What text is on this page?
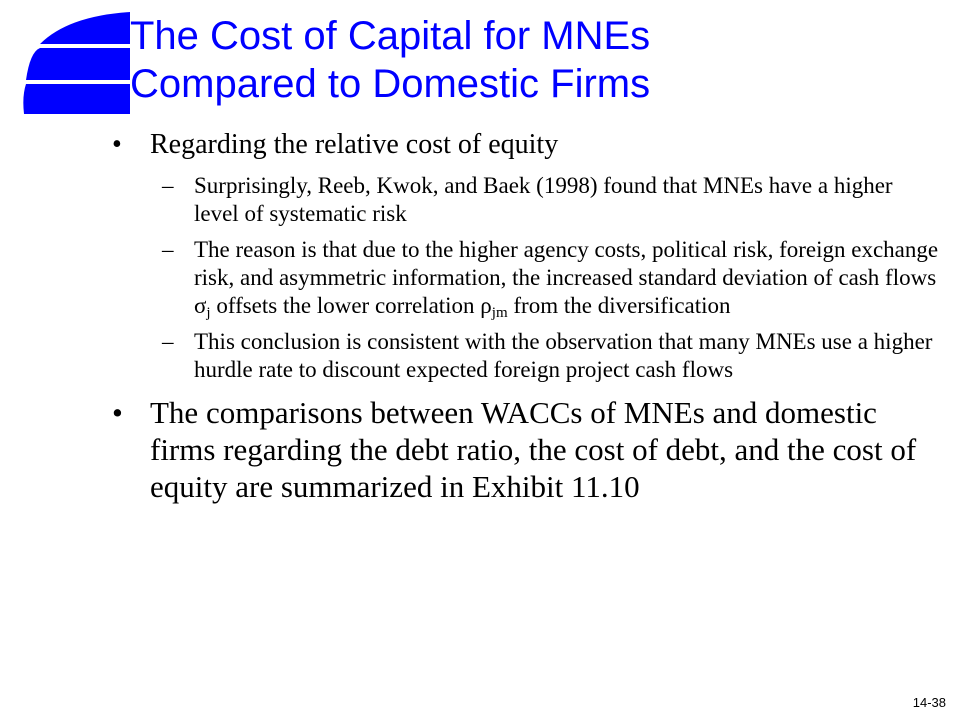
The Cost of Capital for MNEs
Compared to Domestic Firms
• Regarding the relative cost of equity
– Surprisingly, Reeb, Kwok, and Baek (1998) found that MNEs have a higher level of systematic risk
– The reason is that due to the higher agency costs, political risk, foreign exchange risk, and asymmetric information, the increased standard deviation of cash flows $\sigma_j$ offsets the lower correlation $\rho_{jm}$ from the diversification
– This conclusion is consistent with the observation that many MNEs use a higher hurdle rate to discount expected foreign project cash flows
• The comparisons between WACCs of MNEs and domestic firms regarding the debt ratio, the cost of debt, and the cost of equity are summarized in Exhibit 11.10
14-38
